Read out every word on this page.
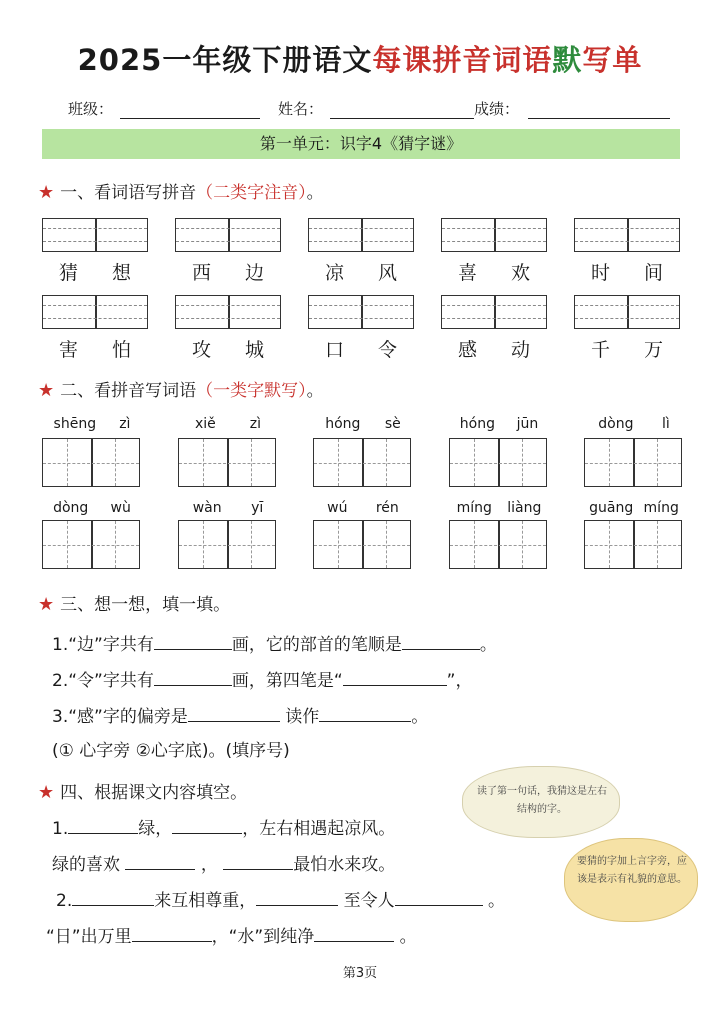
2025一年级下册语文每课拼音词语默写单
班级：	姓名：	成绩：
第一单元：识字4《猜字谜》
★ 一、看词语写拼音（二类字注音）。
猜 想	西 边	凉 风	喜 欢	时 间
害 怕	攻 城	口 令	感 动	千 万
★ 二、看拼音写词语（一类字默写）。
shēng zì	xiě zì	hóng sè	hóng jūn	dòng lì
dòng wù	wàn yī	wú rén	míng liàng	guāng míng
★ 三、想一想，填一填。
1.“边”字共有	画，它的部首的笔顺是	。
2.“令”字共有	画，第四笔是“	”，
3.“感”字的偏旁是	读作	。
(① 心字旁 ②心字底)。(填序号)
★ 四、根据课文内容填空。
1.	绿，	，左右相遇起凉风。
绿的喜欢	，	最怕水来攻。
2.	来互相尊重，	至令人	。
“日”出万里	，“水”到纯净	。
读了第一句话，我猜这是左右结构的字。
要猜的字加上言字旁，应该是表示有礼貌的意思。
第3页
